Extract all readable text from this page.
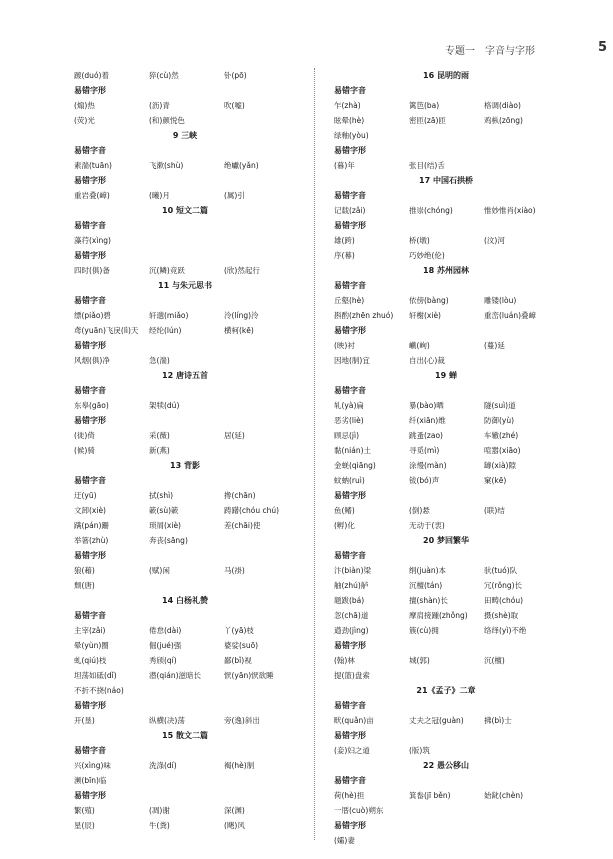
专题一　字音与字形	5
踱(duó)着	猝(cù)然	钋(pō)
易错字形
(煽)热	(沥)青	吹(嘘)
(荧)光	(和)颜悦色
9 三峡
易错字音
素湍(tuān)	飞漱(shù)	绝巘(yǎn)
易错字形
重岩叠(嶂)	(曦)月	(属)引
10 短文二篇
易错字音
藻荇(xìng)
易错字形
四时(俱)备	沉(鳞)竞跃	(欣)然起行
11 与朱元思书
易错字音
缥(piǎo)碧	轩邈(miǎo)	泠(líng)泠
鸢(yuān)飞戾(lì)天	经纶(lún)	横柯(kē)
易错字形
风烟(俱)净	急(湍)
12 唐诗五首
易错字音
东皋(gāo)	架犊(dú)
易错字形
(徙)倚	采(薇)	居(延)
(候)骑	新(燕)
13 背影
易错字音
迂(yū)	拭(shì)	搀(chān)
文卸(xiè)	簌(sù)簌	踌躇(chóu chú)
蹒(pán)跚	琐屑(xiè)	差(chāi)使
举箸(zhù)	奔丧(sāng)
易错字形
狼(藉)	(赋)闲	马(褂)
颓(唐)
14 白杨礼赞
易错字音
主宰(zǎi)	倦怠(dài)	丫(yā)枝
晕(yùn)圈	倔(jué)强	婆娑(suō)
虬(qiú)枝	秀颀(qí)	鄙(bǐ)视
坦荡如砥(dǐ)	潜(qián)滋暗长	恹(yān)恹欲睡
不折不挠(náo)
易错字形
开(垦)	纵横(决)荡	旁(逸)斜出
15 散文二篇
易错字音
兴(xìng)味	洗涤(dí)	褐(hè)制
濒(bīn)临
易错字形
繁(殖)	(凋)谢	深(渊)
星(辰)	牛(粪)	(飓)风
16 昆明的雨
易错字音
乍(zhà)	篱笆(ba)	格调(diào)
眩晕(hè)	密匝(zā)匝	鸡枞(zōng)
绿釉(yòu)
易错字形
(暮)年	张目(结)舌
17 中国石拱桥
易错字音
记载(zǎi)	推崇(chóng)	惟妙惟肖(xiào)
易错字形
雄(跨)	桥(墩)	(汶)河
序(幕)	巧妙绝(伦)
18 苏州园林
易错字音
丘壑(hè)	依傍(bàng)	雕镂(lòu)
斟酌(zhēn zhuó)	轩榭(xiè)	重峦(luán)叠嶂
易错字形
(映)衬	巇(峋)	(蔓)延
因地(制)宜	自出(心)裁
19 蝉
易错字音
轧(yà)扁	暴(bào)晒	隧(suì)道
恶劣(liè)	纤(xiān)维	防御(yù)
顾忌(jì)	跳蚤(zao)	车辙(zhé)
黏(nián)土	寻觅(mì)	喧嚣(xiāo)
金蜣(qiāng)	涂熳(màn)	罅(xià)隙
蚊蚋(ruì)	钹(bó)声	窠(kē)
易错字形
鱼(鳍)	(倒)悬	(联)结
(孵)化	无动于(衷)
20 梦回繁华
易错字音
汴(biàn)梁	绢(juàn)本	驮(tuó)队
舳(zhú)舻	沉檀(tán)	冗(rǒng)长
题跋(bá)	擅(shàn)长	田畴(chóu)
忽(chā)道	摩肩接踵(zhǒng)	摄(shè)取
遒劲(jìng)	簇(cù)拥	络绎(yì)不绝
易错字形
(翰)林	城(郭)	沉(檀)
提(篮)盘索
21《孟子》二章
易错字音
畎(quǎn)亩	丈夫之冠(guàn)	拂(bì)士
易错字形
(妾)妇之道	(版)筑
22 愚公移山
易错字音
荷(hè)担	箕畚(jī běn)	始龀(chèn)
一厝(cuò)朔东
易错字形
(孀)妻
